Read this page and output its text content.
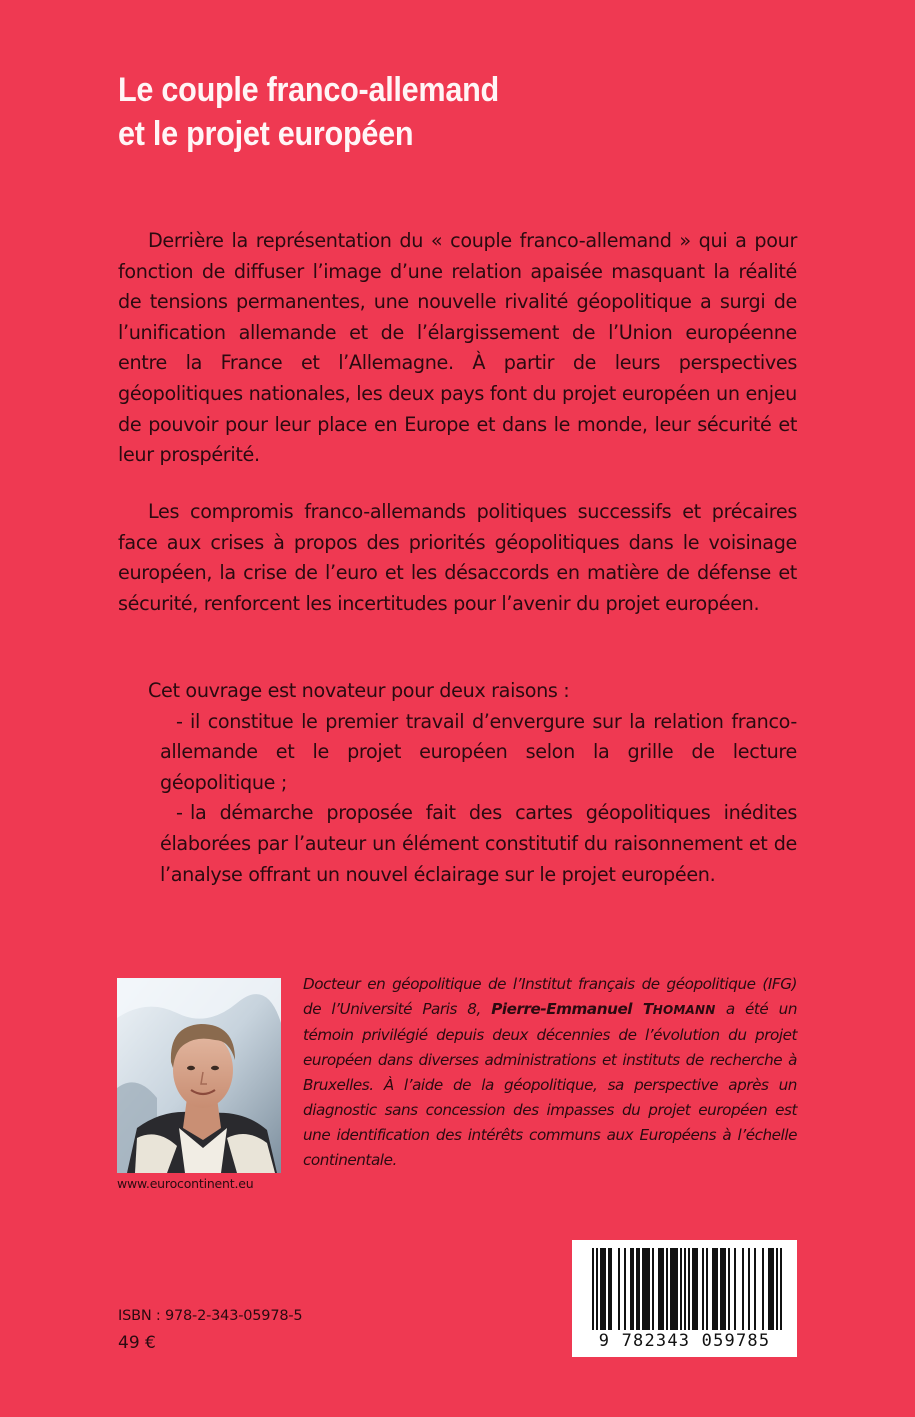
Le couple franco-allemand
et le projet européen

Derrière la représentation du « couple franco-allemand » qui a pour fonction de diffuser l’image d’une relation apaisée masquant la réalité de tensions permanentes, une nouvelle rivalité géopolitique a surgi de l’unification allemande et de l’élargissement de l’Union européenne entre la France et l’Allemagne. À partir de leurs perspectives géopolitiques nationales, les deux pays font du projet européen un enjeu de pouvoir pour leur place en Europe et dans le monde, leur sécurité et leur prospérité.

Les compromis franco-allemands politiques successifs et précaires face aux crises à propos des priorités géopolitiques dans le voisinage européen, la crise de l’euro et les désaccords en matière de défense et sécurité, renforcent les incertitudes pour l’avenir du projet européen.

Cet ouvrage est novateur pour deux raisons :

- il constitue le premier travail d’envergure sur la relation franco-allemande et le projet européen selon la grille de lecture géopolitique ;

- la démarche proposée fait des cartes géopolitiques inédites élaborées par l’auteur un élément constitutif du raisonnement et de l’analyse offrant un nouvel éclairage sur le projet européen.

www.eurocontinent.eu
Docteur en géopolitique de l’Institut français de géopolitique (IFG) de l’Université Paris 8, Pierre-Emmanuel THOMANN a été un témoin privilégié depuis deux décennies de l’évolution du projet européen dans diverses administrations et instituts de recherche à Bruxelles. À l’aide de la géopolitique, sa perspective après un diagnostic sans concession des impasses du projet européen est une identification des intérêts communs aux Européens à l’échelle continentale.
ISBN : 978-2-343-05978-5
49 €	9 782343 059785
